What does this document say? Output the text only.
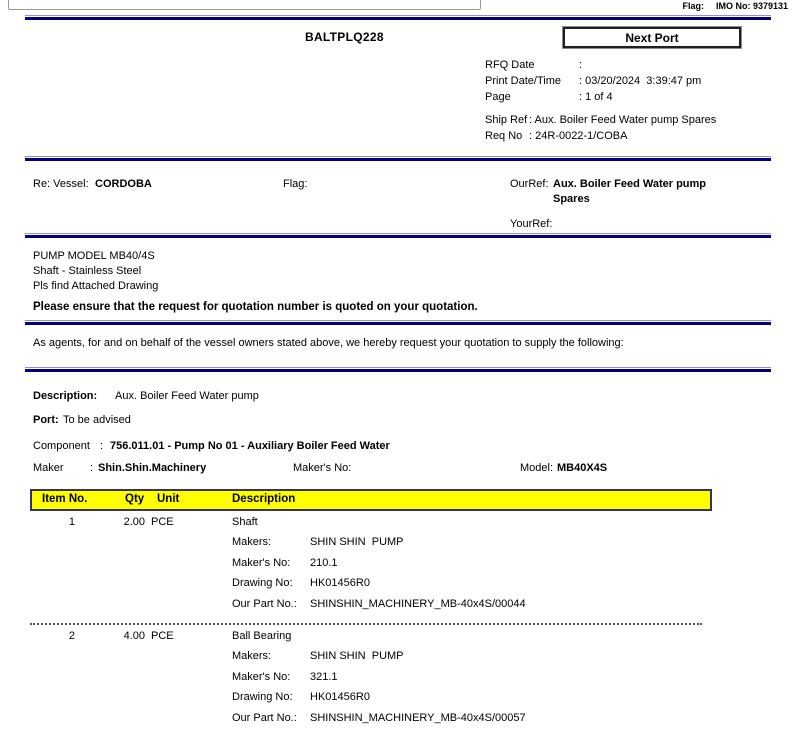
Flag: IMO No: 9379131
BALTPLQ228	Next Port
RFQ Date	:
Print Date/Time	: 03/20/2024  3:39:47 pm
Page	: 1 of 4
Ship Ref : Aux. Boiler Feed Water pump Spares
Req No : 24R-0022-1/COBA
Re: Vessel: CORDOBA	Flag:	OurRef: Aux. Boiler Feed Water pump Spares
YourRef:
PUMP MODEL MB40/4S
Shaft - Stainless Steel
Pls find Attached Drawing
Please ensure that the request for quotation number is quoted on your quotation.
As agents, for and on behalf of the vessel owners stated above, we hereby request your quotation to supply the following:
Description: Aux. Boiler Feed Water pump
Port: To be advised
Component : 756.011.01 - Pump No 01 - Auxiliary Boiler Feed Water
Maker : Shin.Shin.Machinery	Maker's No:	Model: MB40X4S
Item No.	Qty Unit	Description
1	2.00 PCE	Shaft
Makers:	SHIN SHIN  PUMP
Maker's No: 210.1
Drawing No: HK01456R0
Our Part No.: SHINSHIN_MACHINERY_MB-40x4S/00044
2	4.00 PCE	Ball Bearing
Makers:	SHIN SHIN  PUMP
Maker's No: 321.1
Drawing No: HK01456R0
Our Part No.: SHINSHIN_MACHINERY_MB-40x4S/00057
